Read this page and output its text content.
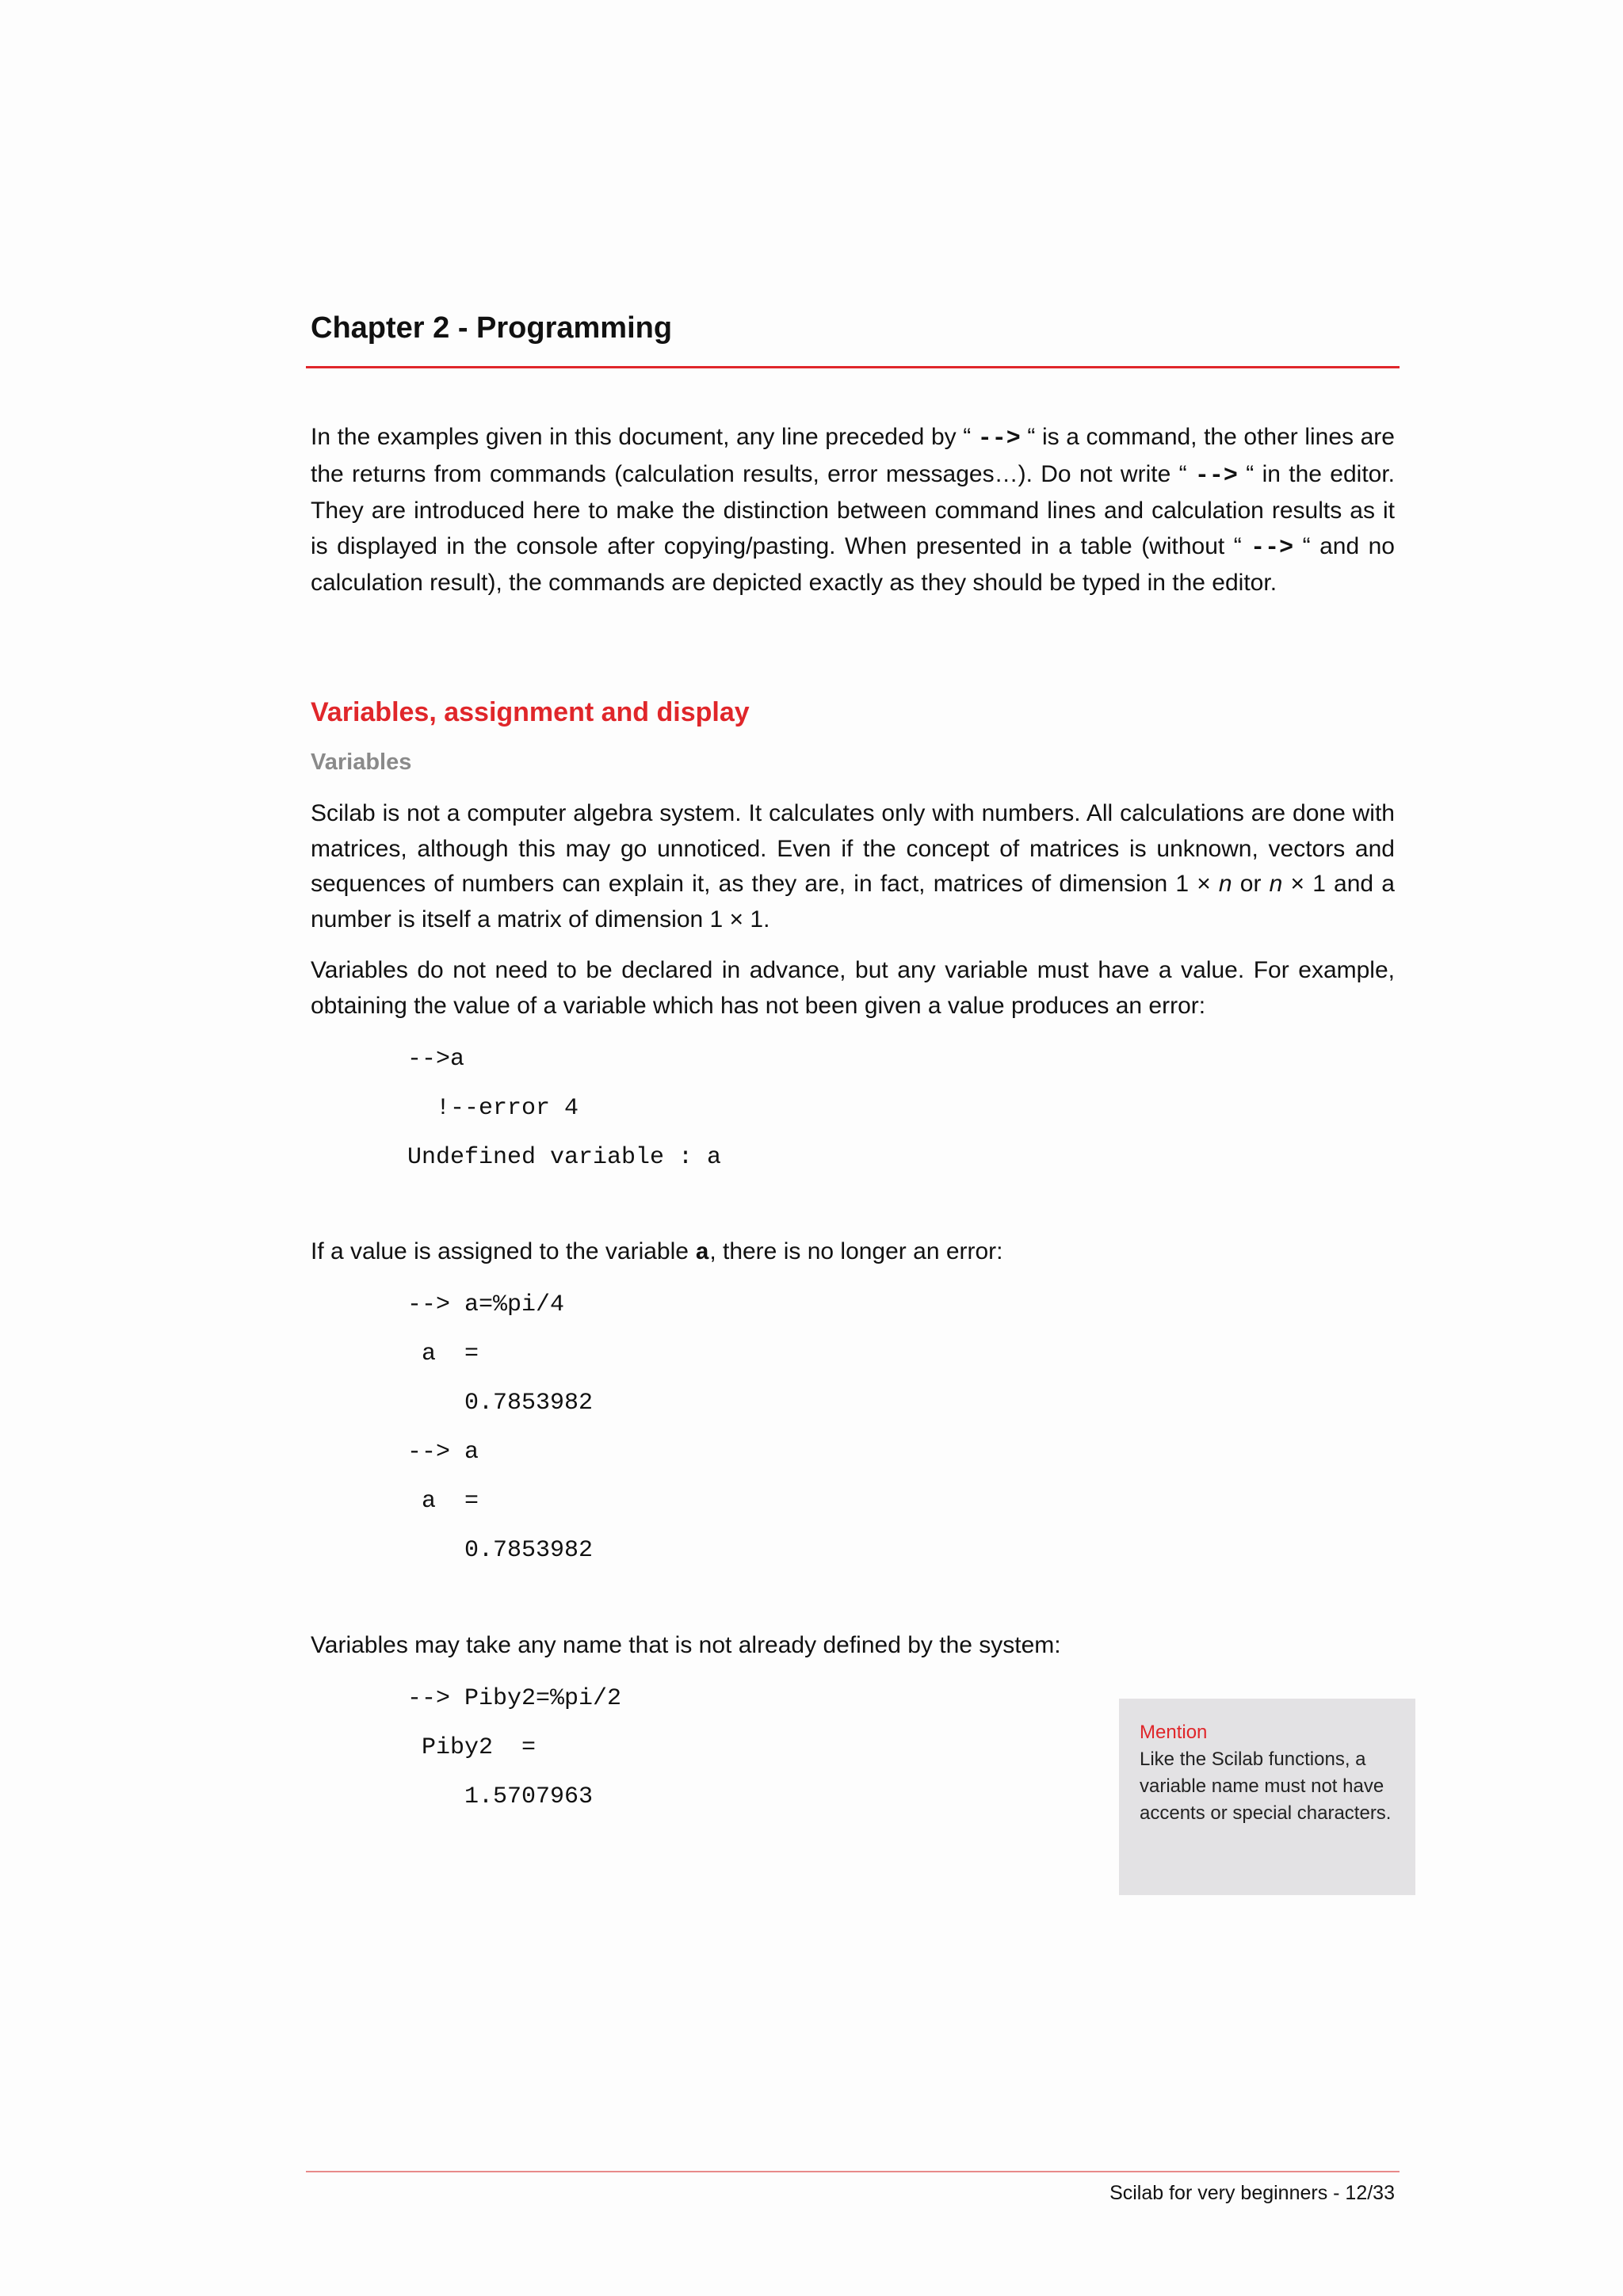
Chapter 2 - Programming

In the examples given in this document, any line preceded by “ --> “ is a command, the other lines are the returns from commands (calculation results, error messages…). Do not write “ --> “ in the editor. They are introduced here to make the distinction between command lines and calculation results as it is displayed in the console after copying/pasting. When presented in a table (without “ --> “ and no calculation result), the commands are depicted exactly as they should be typed in the editor.

Variables, assignment and display
Variables

Scilab is not a computer algebra system. It calculates only with numbers. All calculations are done with matrices, although this may go unnoticed. Even if the concept of matrices is unknown, vectors and sequences of numbers can explain it, as they are, in fact, matrices of dimension 1 × n or n × 1 and a number is itself a matrix of dimension 1 × 1.

Variables do not need to be declared in advance, but any variable must have a value. For example, obtaining the value of a variable which has not been given a value produces an error:

-->a
!--error 4
Undefined variable : a

If a value is assigned to the variable a, there is no longer an error:

--> a=%pi/4
a  =
0.7853982
--> a
a  =
0.7853982

Variables may take any name that is not already defined by the system:

--> Piby2=%pi/2
Piby2  =
1.5707963
Mention
Like the Scilab functions, a variable name must not have accents or special characters.

Scilab for very beginners - 12/33
